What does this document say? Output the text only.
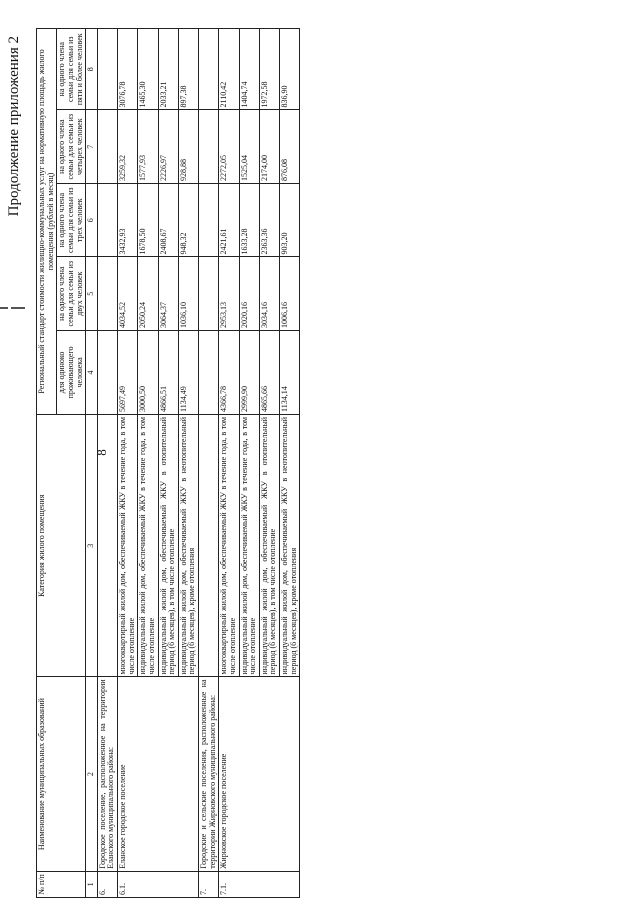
8
Продолжение приложения 2
№ п/п	Наименование муниципальных образований	Категория жилого помещения	Региональный стандарт стоимости жилищно-коммунальных услуг на нормативную площадь жилого помещения (рублей в месяц)				
			для одиноко проживающего человека	на одного члена семьи для семьи из двух человек	на одного члена семьи для семьи из трех человек	на одного члена семьи для семьи из четырех человек	на одного члена семьи для семьи из пяти и более человек
1	2	3	4	5	6	7	8
6.	Городское поселение, расположенное на территории Еланского муниципального района:						
6.1.	Еланское городское поселение	многоквартирный жилой дом, обеспечиваемый ЖКУ в течение года, в том числе отопление	5697,49	4034,52	3432,93	3259,32	3076,78
		индивидуальный жилой дом, обеспечиваемый ЖКУ в течение года, в том числе отопление	3000,50	2050,24	1678,50	1577,93	1465,30
		индивидуальный жилой дом, обеспечиваемый ЖКУ в отопительный период (6 месяцев), в том числе отопление	4866,51	3064,37	2408,67	2226,97	2033,21
		индивидуальный жилой дом, обеспечиваемый ЖКУ в неотопительный период (6 месяцев), кроме отопления	1134,49	1036,10	948,32	928,88	897,38
7.	Городские и сельские поселения, расположенные на территории Жирновского муниципального района:						
7.1.	Жирновское городское поселение	многоквартирный жилой дом, обеспечиваемый ЖКУ в течение года, в том числе отопление	4366,78	2953,13	2421,61	2272,05	2110,42
		индивидуальный жилой дом, обеспечиваемый ЖКУ в течение года, в том числе отопление	2999,90	2020,16	1633,28	1525,04	1404,74
		индивидуальный жилой дом, обеспечиваемый ЖКУ в отопительный период (6 месяцев), в том числе отопление	4865,66	3034,16	2363,36	2174,00	1972,58
		индивидуальный жилой дом, обеспечиваемый ЖКУ в неотопительный период (6 месяцев), кроме отопления	1134,14	1006,16	903,20	876,08	836,90
